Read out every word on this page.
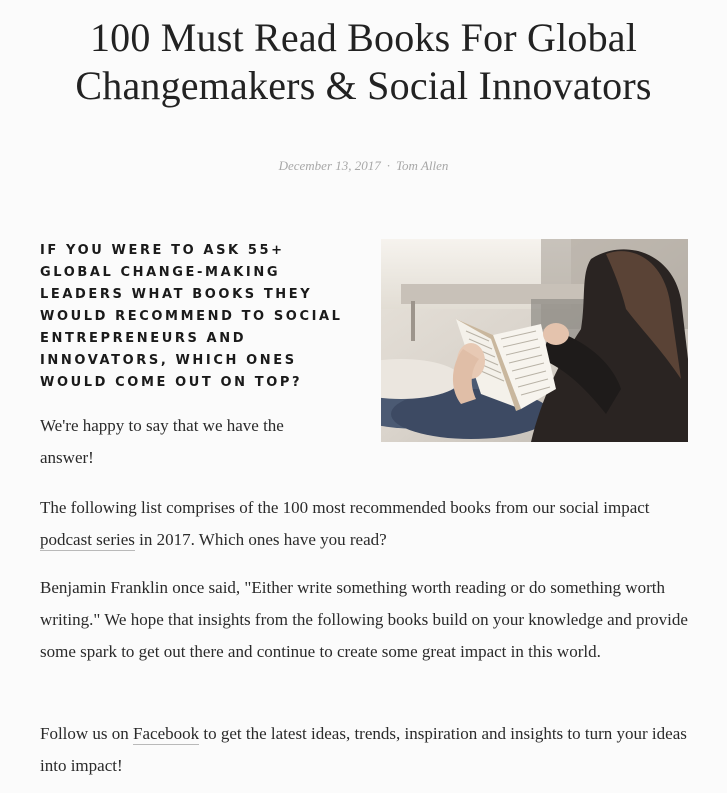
100 Must Read Books For Global Changemakers & Social Innovators
December 13, 2017 · Tom Allen

IF YOU WERE TO ASK 55+ GLOBAL CHANGE-MAKING LEADERS WHAT BOOKS THEY WOULD RECOMMEND TO SOCIAL ENTREPRENEURS AND INNOVATORS, WHICH ONES WOULD COME OUT ON TOP?

We're happy to say that we have the answer!

The following list comprises of the 100 most recommended books from our social impact podcast series in 2017. Which ones have you read?

Benjamin Franklin once said, "Either write something worth reading or do something worth writing." We hope that insights from the following books build on your knowledge and provide some spark to get out there and continue to create some great impact in this world.

Follow us on Facebook to get the latest ideas, trends, inspiration and insights to turn your ideas into impact!
